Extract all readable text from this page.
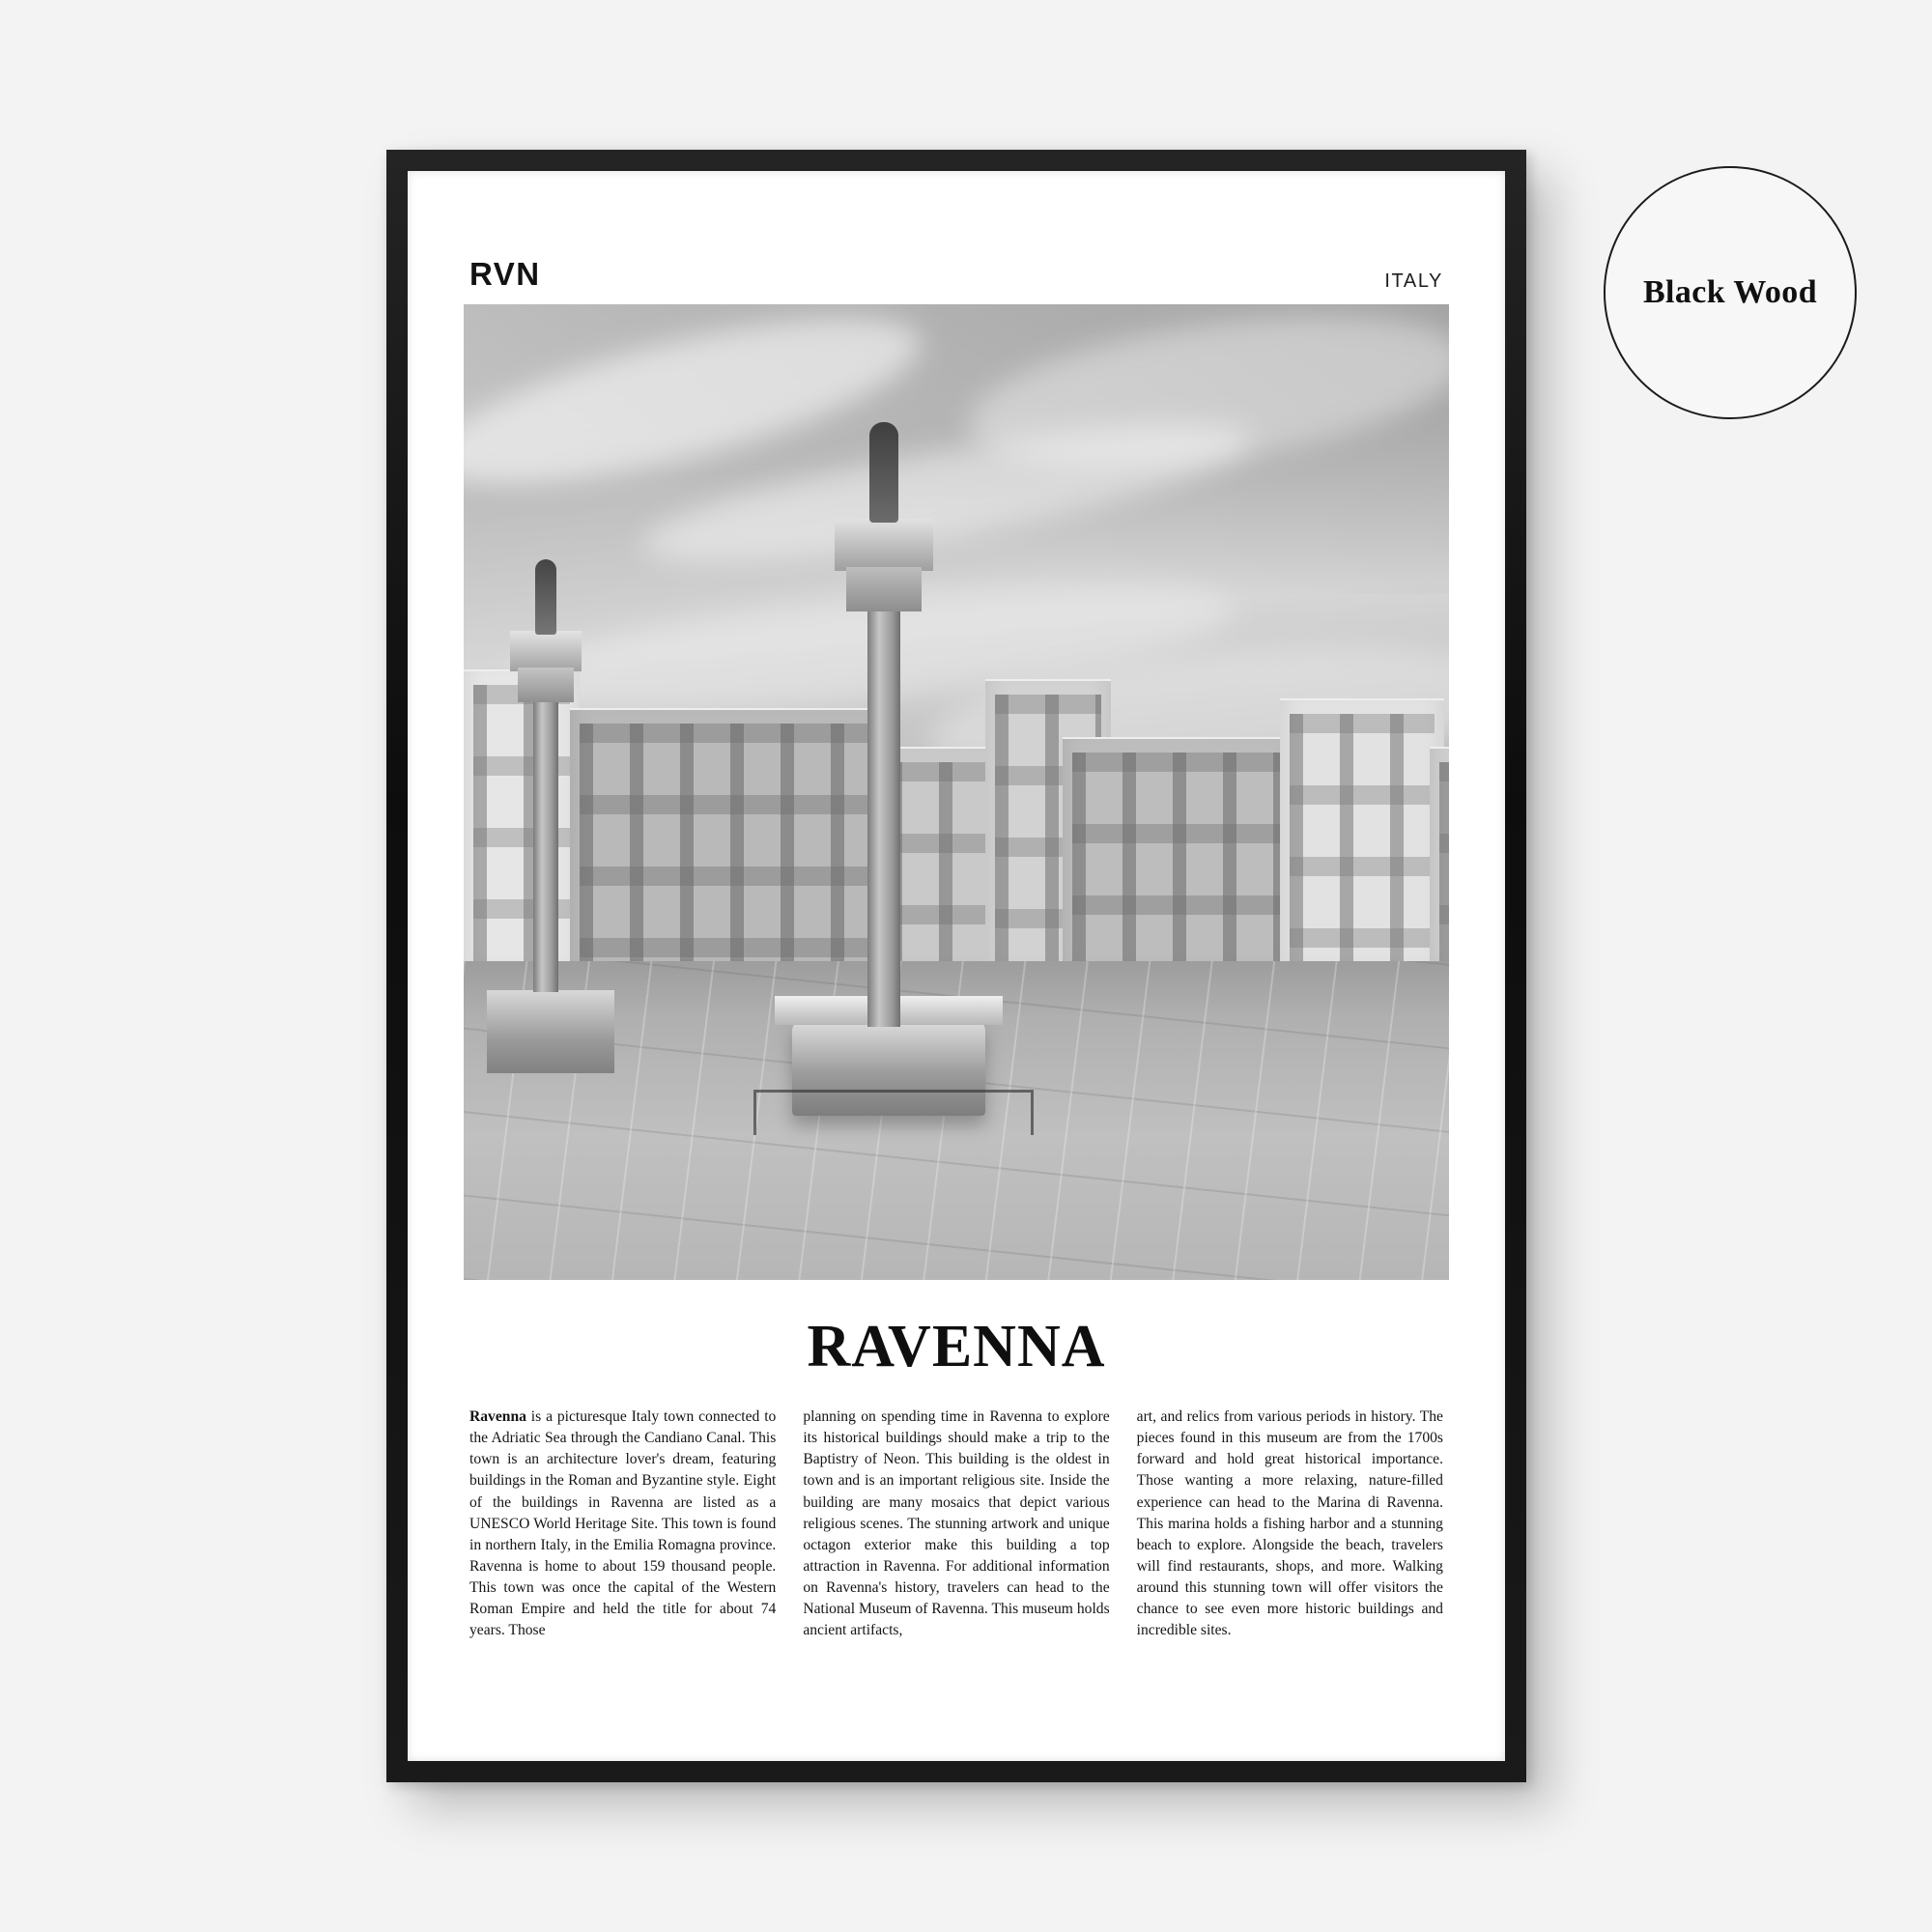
Black Wood
RVN	ITALY
RAVENNA
Ravenna is a picturesque Italy town connected to the Adriatic Sea through the Candiano Canal. This town is an architecture lover's dream, featuring buildings in the Roman and Byzantine style. Eight of the buildings in Ravenna are listed as a UNESCO World Heritage Site. This town is found in northern Italy, in the Emilia Romagna province. Ravenna is home to about 159 thousand people. This town was once the capital of the Western Roman Empire and held the title for about 74 years. Those
planning on spending time in Ravenna to explore its historical buildings should make a trip to the Baptistry of Neon. This building is the oldest in town and is an important religious site. Inside the building are many mosaics that depict various religious scenes. The stunning artwork and unique octagon exterior make this building a top attraction in Ravenna. For additional information on Ravenna's history, travelers can head to the National Museum of Ravenna. This museum holds ancient artifacts,
art, and relics from various periods in history. The pieces found in this museum are from the 1700s forward and hold great historical importance. Those wanting a more relaxing, nature-filled experience can head to the Marina di Ravenna. This marina holds a fishing harbor and a stunning beach to explore. Alongside the beach, travelers will find restaurants, shops, and more. Walking around this stunning town will offer visitors the chance to see even more historic buildings and incredible sites.
